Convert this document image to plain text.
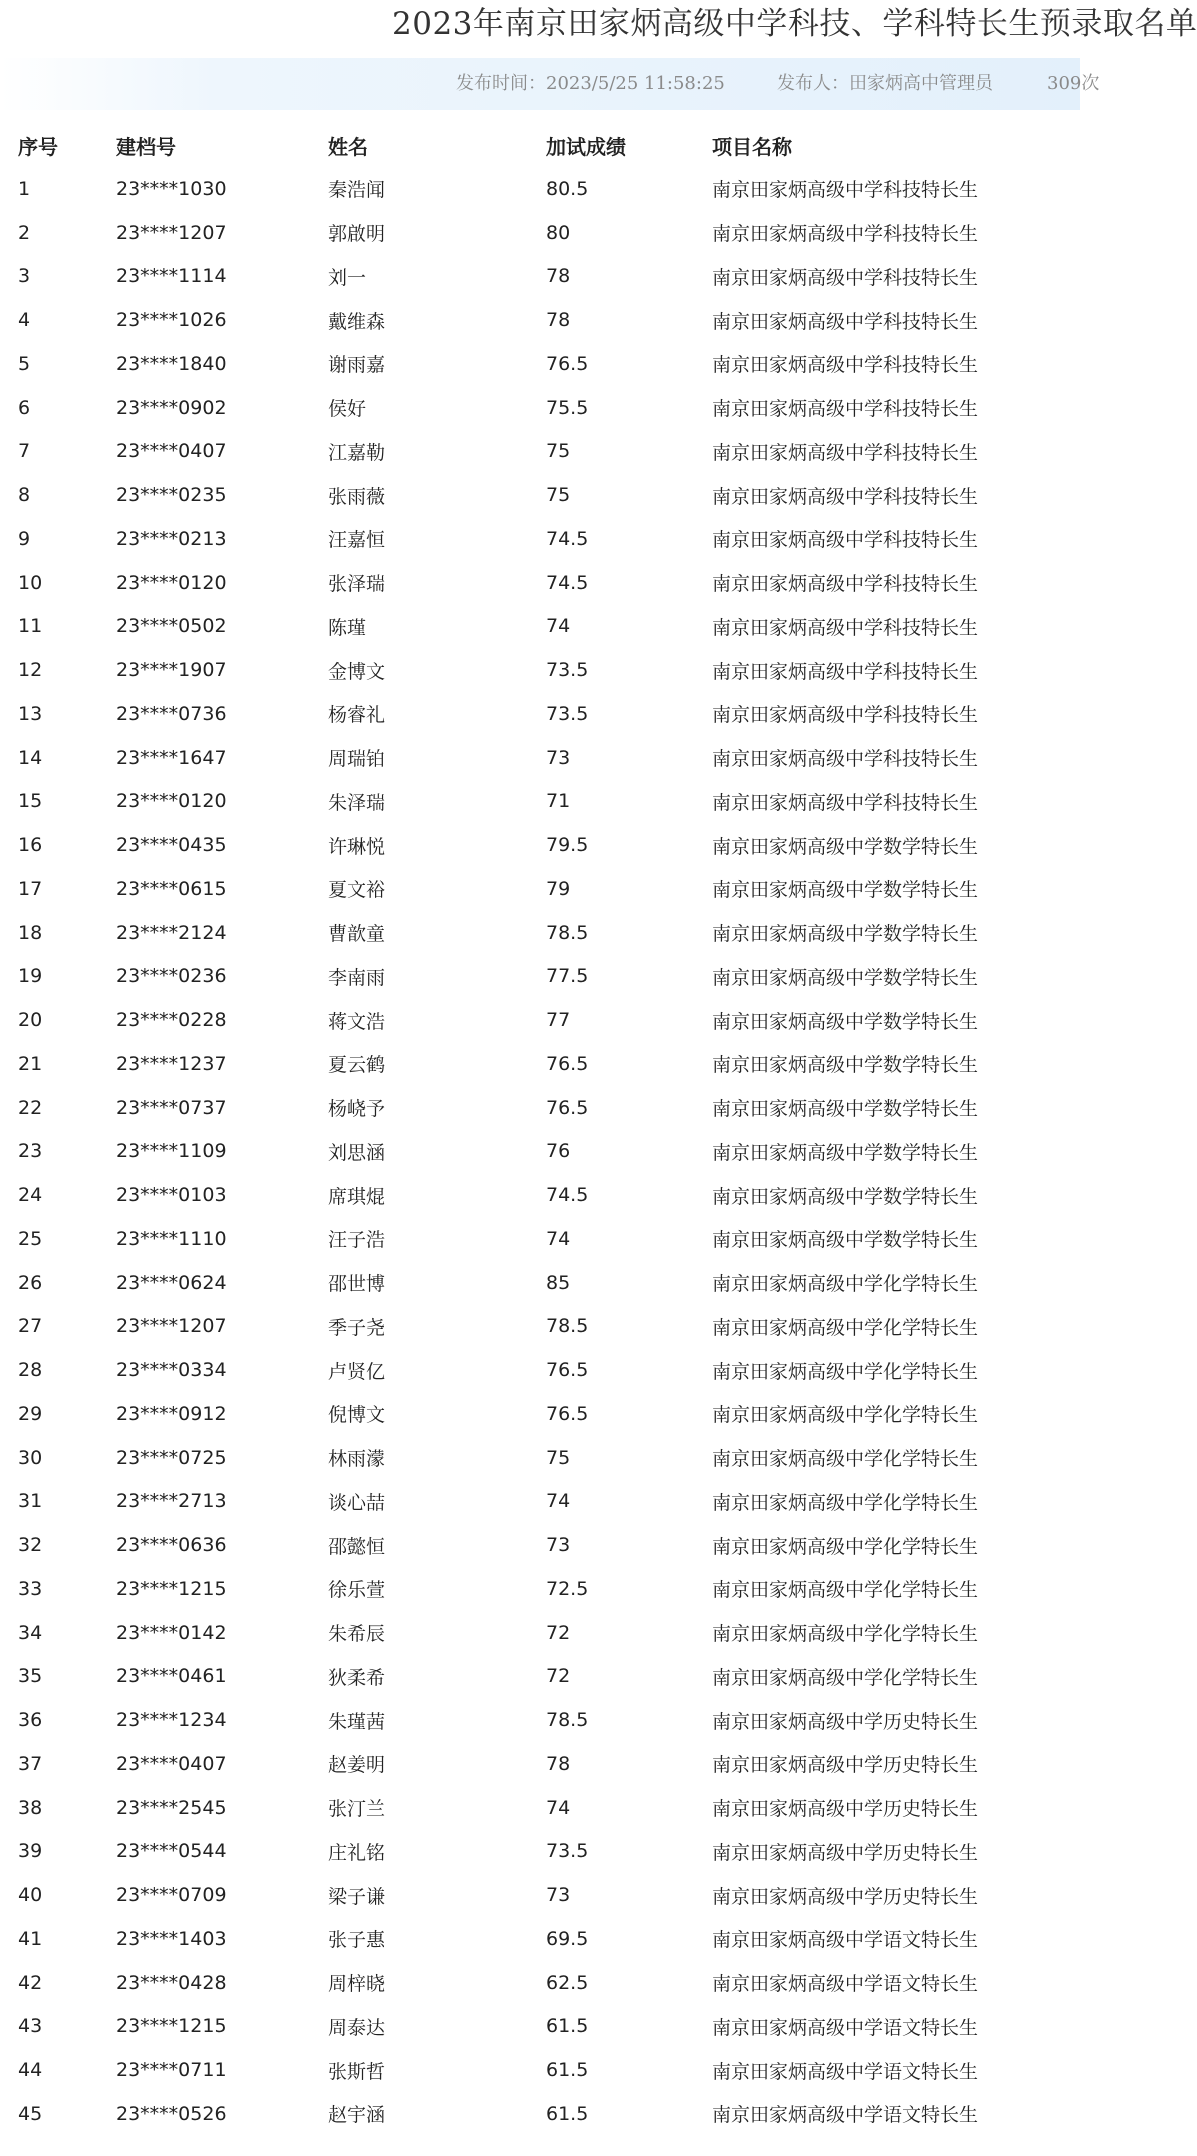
2023年南京田家炳高级中学科技、学科特长生预录取名单
发布时间：2023/5/25 11:58:25	发布人：田家炳高中管理员	309次
序号	建档号	姓名	加试成绩	项目名称
1	23****1030	秦浩闻	80.5	南京田家炳高级中学科技特长生
2	23****1207	郭啟明	80	南京田家炳高级中学科技特长生
3	23****1114	刘一	78	南京田家炳高级中学科技特长生
4	23****1026	戴维森	78	南京田家炳高级中学科技特长生
5	23****1840	谢雨嘉	76.5	南京田家炳高级中学科技特长生
6	23****0902	侯好	75.5	南京田家炳高级中学科技特长生
7	23****0407	江嘉勒	75	南京田家炳高级中学科技特长生
8	23****0235	张雨薇	75	南京田家炳高级中学科技特长生
9	23****0213	汪嘉恒	74.5	南京田家炳高级中学科技特长生
10	23****0120	张泽瑞	74.5	南京田家炳高级中学科技特长生
11	23****0502	陈瑾	74	南京田家炳高级中学科技特长生
12	23****1907	金博文	73.5	南京田家炳高级中学科技特长生
13	23****0736	杨睿礼	73.5	南京田家炳高级中学科技特长生
14	23****1647	周瑞铂	73	南京田家炳高级中学科技特长生
15	23****0120	朱泽瑞	71	南京田家炳高级中学科技特长生
16	23****0435	许琳悦	79.5	南京田家炳高级中学数学特长生
17	23****0615	夏文裕	79	南京田家炳高级中学数学特长生
18	23****2124	曹歆童	78.5	南京田家炳高级中学数学特长生
19	23****0236	李南雨	77.5	南京田家炳高级中学数学特长生
20	23****0228	蒋文浩	77	南京田家炳高级中学数学特长生
21	23****1237	夏云鹤	76.5	南京田家炳高级中学数学特长生
22	23****0737	杨峣予	76.5	南京田家炳高级中学数学特长生
23	23****1109	刘思涵	76	南京田家炳高级中学数学特长生
24	23****0103	席琪焜	74.5	南京田家炳高级中学数学特长生
25	23****1110	汪子浩	74	南京田家炳高级中学数学特长生
26	23****0624	邵世博	85	南京田家炳高级中学化学特长生
27	23****1207	季子尧	78.5	南京田家炳高级中学化学特长生
28	23****0334	卢贤亿	76.5	南京田家炳高级中学化学特长生
29	23****0912	倪博文	76.5	南京田家炳高级中学化学特长生
30	23****0725	林雨濛	75	南京田家炳高级中学化学特长生
31	23****2713	谈心喆	74	南京田家炳高级中学化学特长生
32	23****0636	邵懿恒	73	南京田家炳高级中学化学特长生
33	23****1215	徐乐萱	72.5	南京田家炳高级中学化学特长生
34	23****0142	朱希辰	72	南京田家炳高级中学化学特长生
35	23****0461	狄柔希	72	南京田家炳高级中学化学特长生
36	23****1234	朱瑾茜	78.5	南京田家炳高级中学历史特长生
37	23****0407	赵姜明	78	南京田家炳高级中学历史特长生
38	23****2545	张汀兰	74	南京田家炳高级中学历史特长生
39	23****0544	庄礼铭	73.5	南京田家炳高级中学历史特长生
40	23****0709	梁子谦	73	南京田家炳高级中学历史特长生
41	23****1403	张子惠	69.5	南京田家炳高级中学语文特长生
42	23****0428	周梓晓	62.5	南京田家炳高级中学语文特长生
43	23****1215	周泰达	61.5	南京田家炳高级中学语文特长生
44	23****0711	张斯哲	61.5	南京田家炳高级中学语文特长生
45	23****0526	赵宇涵	61.5	南京田家炳高级中学语文特长生
